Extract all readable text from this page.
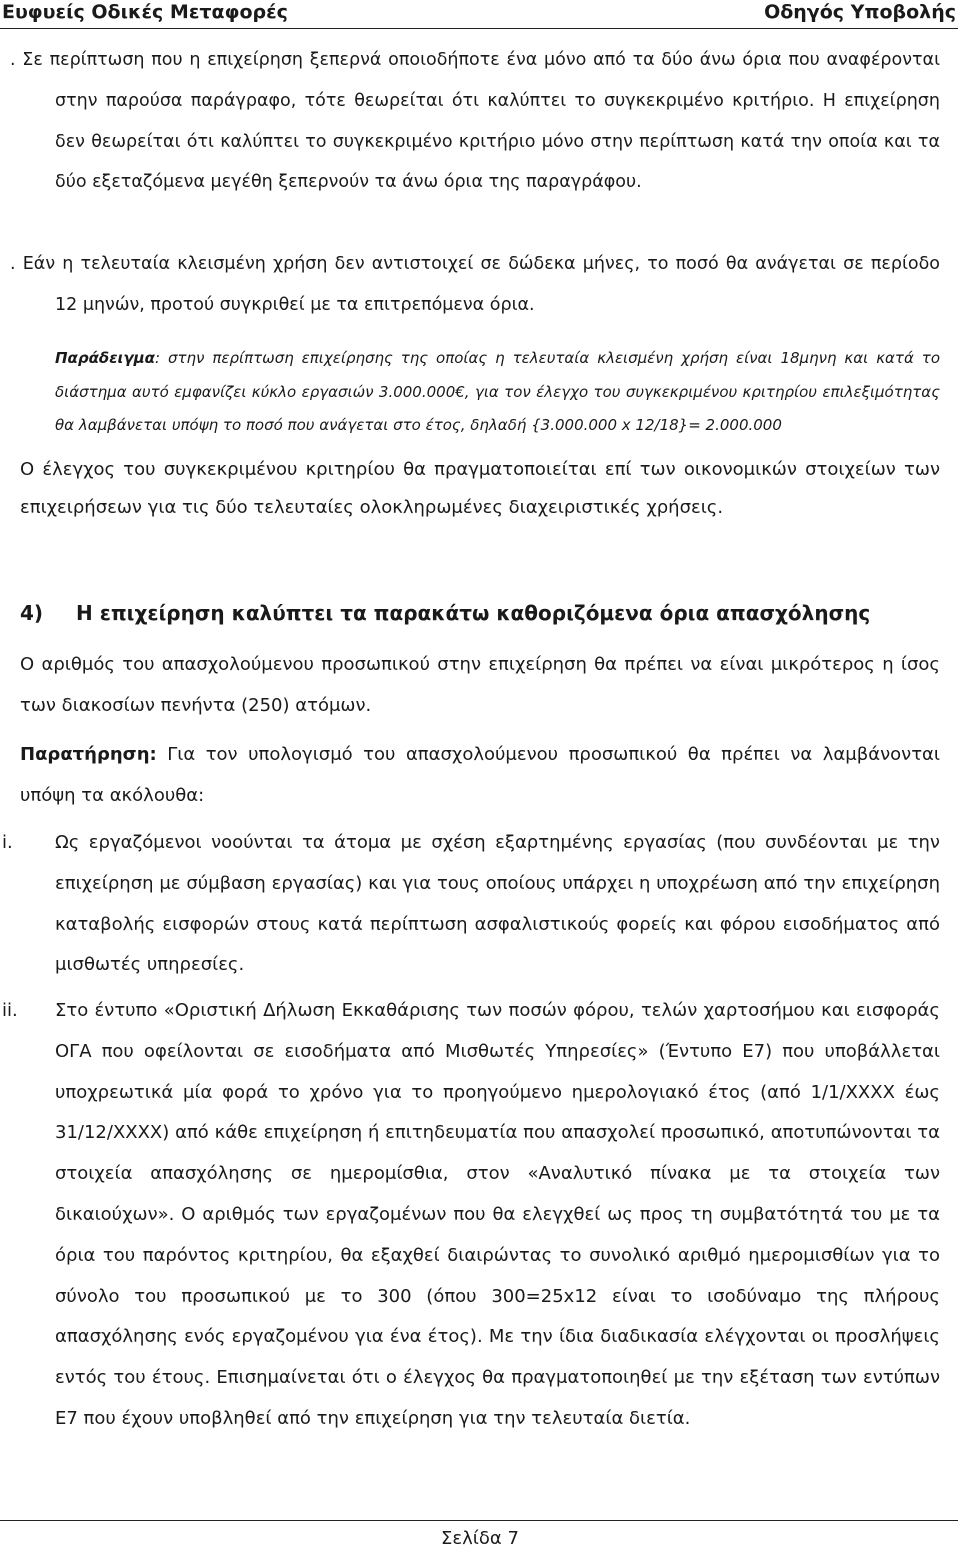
Ευφυείς Οδικές Μεταφορές	Οδηγός Υποβολής

. Σε περίπτωση που η επιχείρηση ξεπερνά οποιοδήποτε ένα μόνο από τα δύο άνω όρια που αναφέρονται στην παρούσα παράγραφο, τότε θεωρείται ότι καλύπτει το συγκεκριμένο κριτήριο. Η επιχείρηση δεν θεωρείται ότι καλύπτει το συγκεκριμένο κριτήριο μόνο στην περίπτωση κατά την οποία και τα δύο εξεταζόμενα μεγέθη ξεπερνούν τα άνω όρια της παραγράφου.

. Εάν η τελευταία κλεισμένη χρήση δεν αντιστοιχεί σε δώδεκα μήνες, το ποσό θα ανάγεται σε περίοδο 12 μηνών, προτού συγκριθεί με τα επιτρεπόμενα όρια.

Παράδειγμα: στην περίπτωση επιχείρησης της οποίας η τελευταία κλεισμένη χρήση είναι 18μηνη και κατά το διάστημα αυτό εμφανίζει κύκλο εργασιών 3.000.000€, για τον έλεγχο του συγκεκριμένου κριτηρίου επιλεξιμότητας θα λαμβάνεται υπόψη το ποσό που ανάγεται στο έτος, δηλαδή {3.000.000 x 12/18}= 2.000.000

Ο έλεγχος του συγκεκριμένου κριτηρίου θα πραγματοποιείται επί των οικονομικών στοιχείων των επιχειρήσεων για τις δύο τελευταίες ολοκληρωμένες διαχειριστικές χρήσεις.

4) Η επιχείρηση καλύπτει τα παρακάτω καθοριζόμενα όρια απασχόλησης

Ο αριθμός του απασχολούμενου προσωπικού στην επιχείρηση θα πρέπει να είναι μικρότερος η ίσος των διακοσίων πενήντα (250) ατόμων.

Παρατήρηση: Για τον υπολογισμό του απασχολούμενου προσωπικού θα πρέπει να λαμβάνονται υπόψη τα ακόλουθα:

i. Ως εργαζόμενοι νοούνται τα άτομα με σχέση εξαρτημένης εργασίας (που συνδέονται με την επιχείρηση με σύμβαση εργασίας) και για τους οποίους υπάρχει η υποχρέωση από την επιχείρηση καταβολής εισφορών στους κατά περίπτωση ασφαλιστικούς φορείς και φόρου εισοδήματος από μισθωτές υπηρεσίες.

ii. Στο έντυπο «Οριστική Δήλωση Εκκαθάρισης των ποσών φόρου, τελών χαρτοσήμου και εισφοράς ΟΓΑ που οφείλονται σε εισοδήματα από Μισθωτές Υπηρεσίες» (Έντυπο Ε7) που υποβάλλεται υποχρεωτικά μία φορά το χρόνο για το προηγούμενο ημερολογιακό έτος (από 1/1/ΧΧΧΧ έως 31/12/ΧΧΧΧ) από κάθε επιχείρηση ή επιτηδευματία που απασχολεί προσωπικό, αποτυπώνονται τα στοιχεία απασχόλησης σε ημερομίσθια, στον «Αναλυτικό πίνακα με τα στοιχεία των δικαιούχων». Ο αριθμός των εργαζομένων που θα ελεγχθεί ως προς τη συμβατότητά του με τα όρια του παρόντος κριτηρίου, θα εξαχθεί διαιρώντας το συνολικό αριθμό ημερομισθίων για το σύνολο του προσωπικού με το 300 (όπου 300=25x12 είναι το ισοδύναμο της πλήρους απασχόλησης ενός εργαζομένου για ένα έτος). Με την ίδια διαδικασία ελέγχονται οι προσλήψεις εντός του έτους. Επισημαίνεται ότι ο έλεγχος θα πραγματοποιηθεί με την εξέταση των εντύπων Ε7 που έχουν υποβληθεί από την επιχείρηση για την τελευταία διετία.

Σελίδα 7
